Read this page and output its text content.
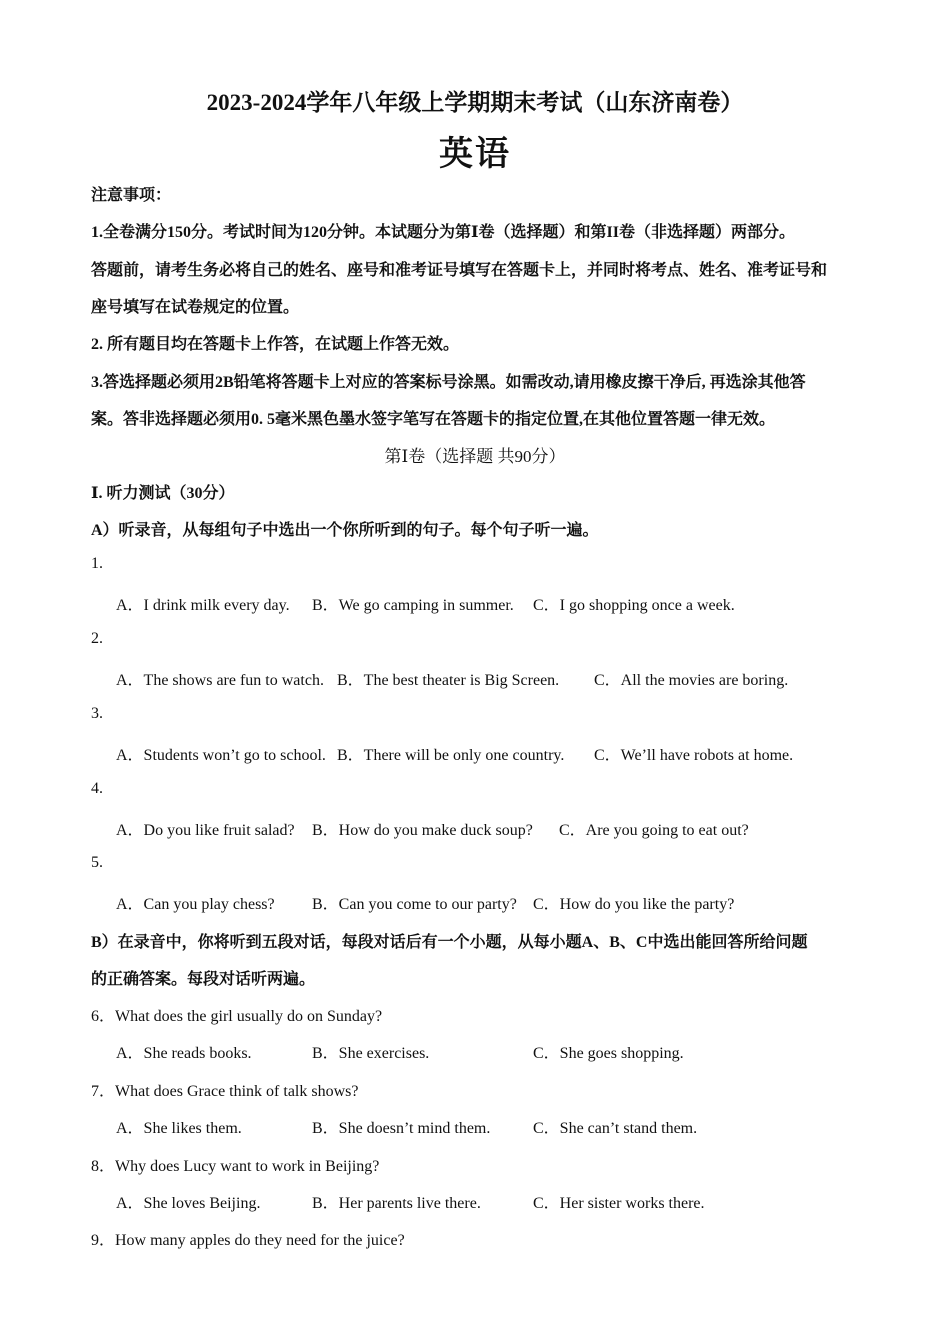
2023-2024学年八年级上学期期末考试（山东济南卷）
英语
注意事项：
1.全卷满分150分。考试时间为120分钟。本试题分为第Ⅰ卷（选择题）和第II卷（非选择题）两部分。
答题前，请考生务必将自己的姓名、座号和准考证号填写在答题卡上，并同时将考点、姓名、准考证号和
座号填写在试卷规定的位置。
2. 所有题目均在答题卡上作答，在试题上作答无效。
3.答选择题必须用2B铅笔将答题卡上对应的答案标号涂黑。如需改动,请用橡皮擦干净后, 再选涂其他答
案。答非选择题必须用0. 5毫米黑色墨水签字笔写在答题卡的指定位置,在其他位置答题一律无效。
第Ⅰ卷（选择题 共90分）
Ⅰ. 听力测试（30分）
A）听录音，从每组句子中选出一个你所听到的句子。每个句子听一遍。
1.
A．I drink milk every day. B．We go camping in summer. C．I go shopping once a week.
2.
A．The shows are fun to watch. B．The best theater is Big Screen. C．All the movies are boring.
3.
A．Students won’t go to school. B．There will be only one country. C．We’ll have robots at home.
4.
A．Do you like fruit salad? B．How do you make duck soup? C．Are you going to eat out?
5.
A．Can you play chess? B．Can you come to our party? C．How do you like the party?
B）在录音中，你将听到五段对话，每段对话后有一个小题，从每小题A、B、C中选出能回答所给问题
的正确答案。每段对话听两遍。
6．What does the girl usually do on Sunday?
A．She reads books.	B．She exercises.	C．She goes shopping.
7．What does Grace think of talk shows?
A．She likes them.	B．She doesn’t mind them.	C．She can’t stand them.
8．Why does Lucy want to work in Beijing?
A．She loves Beijing.	B．Her parents live there.	C．Her sister works there.
9．How many apples do they need for the juice?
